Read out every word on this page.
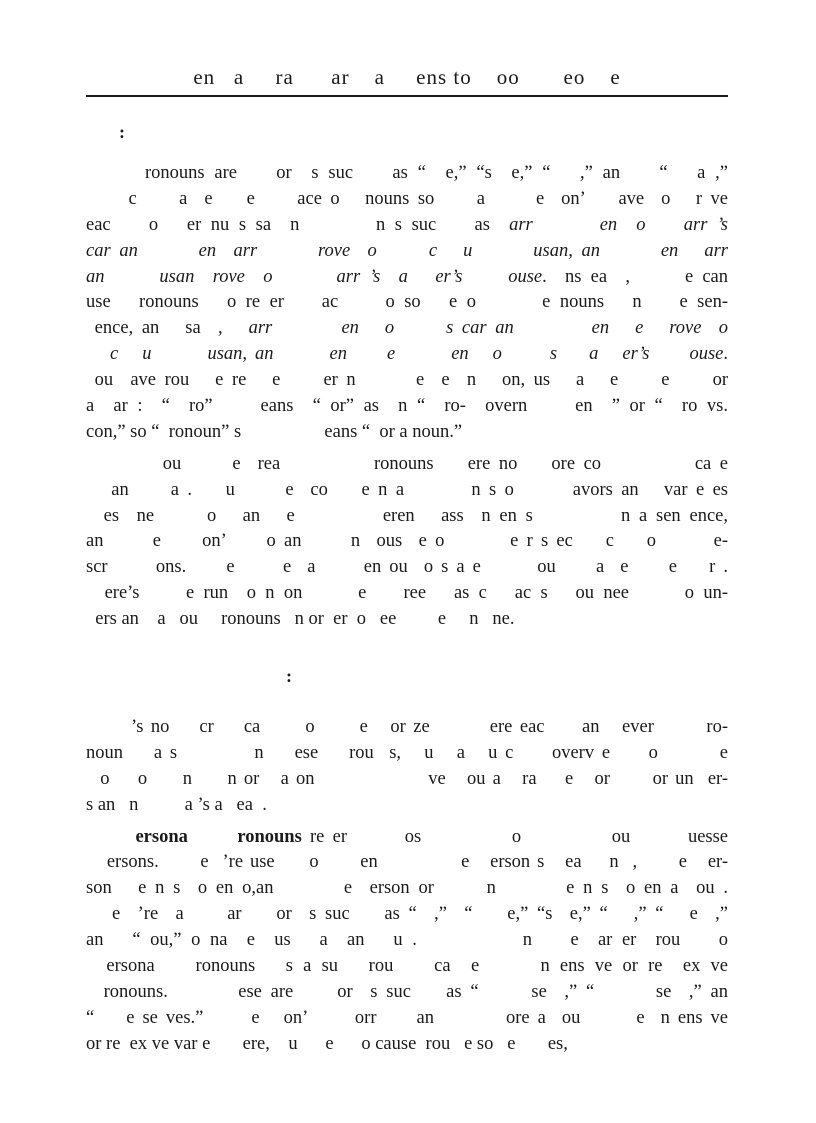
en   a     ra      ar    a     ens to    oo       eo    e
:
ronouns are    or  s suc    as “  e,” “s  e,” “   ,” an    “   a ,”
c     a  e    e     ace o   nouns so     a      e  on’    ave  o   r ve
eac    o   er nu s sa  n        n s suc    as  arr       en  o    arr ’s
car an       en  arr       rove  o      c   u       usan, an       en   arr
an      usan  rove  o       arr ’s  a   er’s     ouse.  ns ea  ,      e can
use   ronouns   o re er    ac     o so   e o       e nouns   n    e sen-
ence, an   sa  ,   arr        en   o      s car an         en   e   rove  o
c   u       usan, an       en     e       en   o      s    a   er’s     ouse.
ou  ave rou   e re   e     er n       e  e  n   on, us   a   e     e     or
a  ar :  “  ro”     eans  “ or” as  n “  ro-  overn     en  ” or “  ro vs.
con,” so “  ronoun” s                  eans “  or a noun.”
ou      e  rea           ronouns    ere no    ore co           ca e
an     a .    u      e  co    e n a        n s o       avors an   var e es
es  ne      o   an   e          eren   ass  n en s          n a sen ence,
an      e     on’     o an      n  ous  e o        e r s ec    c    o       e-
scr      ons.     e      e  a      en ou  o s a e       ou     a  e     e    r .
ere’s     e run  o n on      e    ree   as c   ac s   ou nee      o un-
ers an    a   ou     ronouns   n or  er  o   ee         e     n   ne.
:
’s no    cr    ca      o      e   or ze        ere eac     an   ever       ro-
noun    a s          n    ese    rou  s,   u   a   u c     overv e     o        e
o    o     n     n or   a on                ve   ou a   ra    e   or      or un  er-
s an   n          a ’s a   ea  .
ersona      ronouns re er       os           o           ou       uesse
ersons.      e  ’re use     o      en            e   erson s   ea    n  ,      e   er-
son   e n s  o en o,an        e  erson or      n        e n s  o en a  ou .
e  ’re  a     ar    or  s suc    as “  ,”  “    e,” “s  e,” “   ,” “   e  ,”
an   “ ou,” o na  e  us   a  an   u .           n    e  ar er  rou    o
ersona    ronouns   s a su   rou    ca  e      n ens ve or re  ex ve
ronouns.        ese are     or  s suc    as “      se  ,” “       se  ,” an
“    e se ves.”      e   on’      orr     an         ore a  ou       e  n ens ve
or re  ex ve var e       ere,    u      e      o cause  rou   e so   e       es,
